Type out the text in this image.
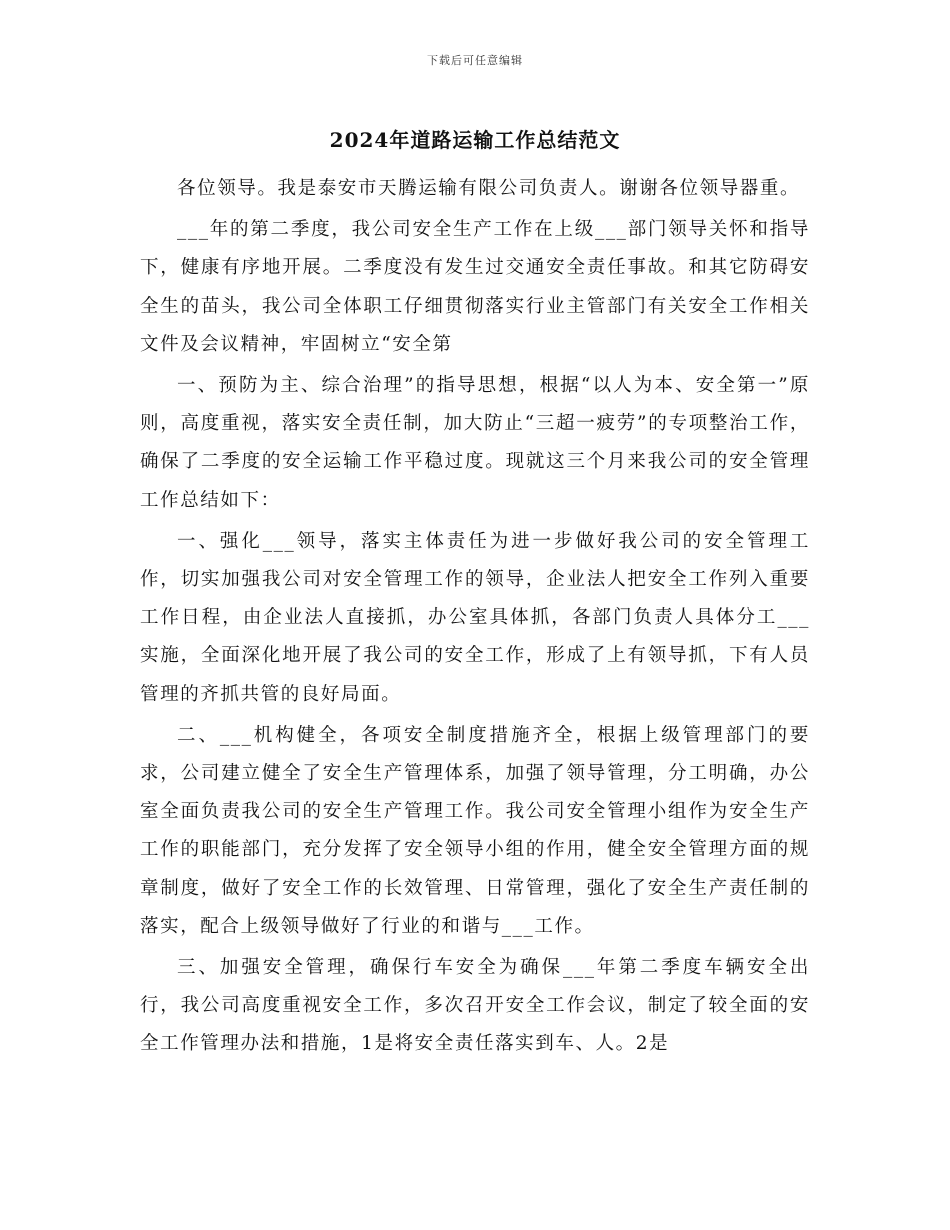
下载后可任意编辑
2024年道路运输工作总结范文

各位领导。我是泰安市天腾运输有限公司负责人。谢谢各位领导器重。

___年的第二季度，我公司安全生产工作在上级___部门领导关怀和指导下，健康有序地开展。二季度没有发生过交通安全责任事故。和其它防碍安全生的苗头，我公司全体职工仔细贯彻落实行业主管部门有关安全工作相关文件及会议精神，牢固树立“安全第

一、预防为主、综合治理”的指导思想，根据“以人为本、安全第一”原则，高度重视，落实安全责任制，加大防止“三超一疲劳”的专项整治工作，确保了二季度的安全运输工作平稳过度。现就这三个月来我公司的安全管理工作总结如下：

一、强化___领导，落实主体责任为进一步做好我公司的安全管理工作，切实加强我公司对安全管理工作的领导，企业法人把安全工作列入重要工作日程，由企业法人直接抓，办公室具体抓，各部门负责人具体分工___实施，全面深化地开展了我公司的安全工作，形成了上有领导抓，下有人员管理的齐抓共管的良好局面。

二、___机构健全，各项安全制度措施齐全，根据上级管理部门的要求，公司建立健全了安全生产管理体系，加强了领导管理，分工明确，办公室全面负责我公司的安全生产管理工作。我公司安全管理小组作为安全生产工作的职能部门，充分发挥了安全领导小组的作用，健全安全管理方面的规章制度，做好了安全工作的长效管理、日常管理，强化了安全生产责任制的落实，配合上级领导做好了行业的和谐与___工作。

三、加强安全管理，确保行车安全为确保___年第二季度车辆安全出行，我公司高度重视安全工作，多次召开安全工作会议，制定了较全面的安全工作管理办法和措施，1是将安全责任落实到车、人。2是
